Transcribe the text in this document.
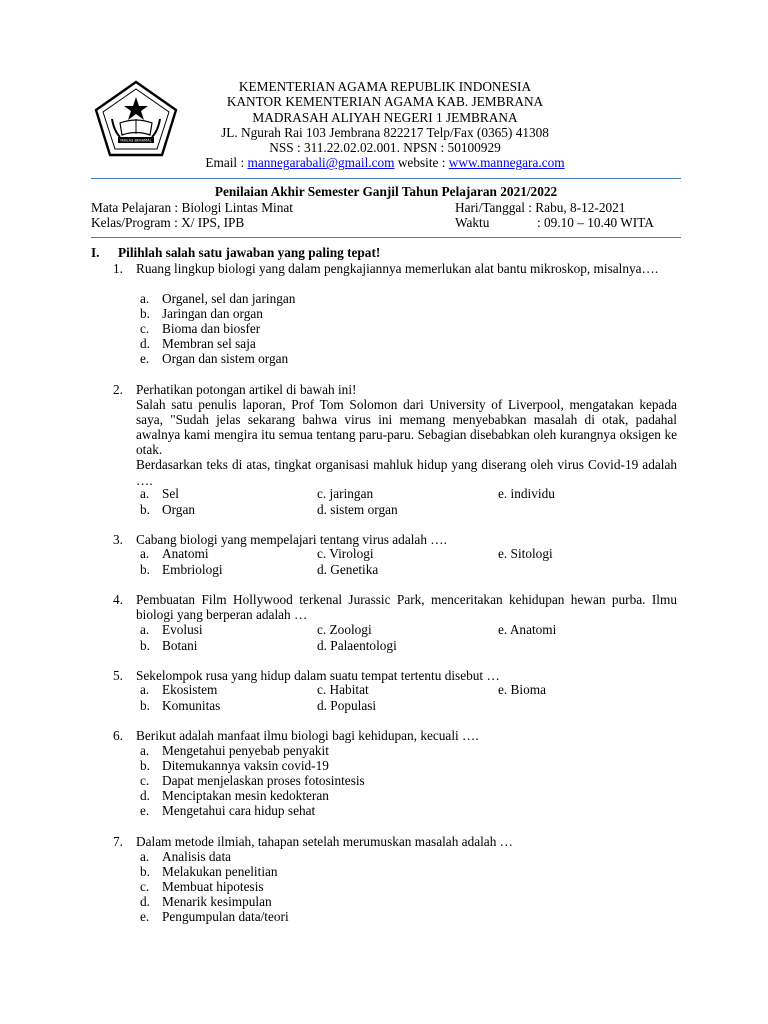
IKHLAS BERAMAL
KEMENTERIAN AGAMA REPUBLIK INDONESIA
KANTOR KEMENTERIAN AGAMA KAB. JEMBRANA
MADRASAH ALIYAH NEGERI 1 JEMBRANA
JL. Ngurah Rai 103 Jembrana 822217 Telp/Fax (0365) 41308
NSS : 311.22.02.02.001. NPSN : 50100929
Email : mannegarabali@gmail.com website : www.mannegara.com
Penilaian Akhir Semester Ganjil Tahun Pelajaran 2021/2022
Mata Pelajaran : Biologi Lintas Minat	Hari/Tanggal : Rabu, 8-12-2021
Kelas/Program : X/ IPS, IPB	Waktu	: 09.10 – 10.40 WITA
I. Pilihlah salah satu jawaban yang paling tepat!
1. Ruang lingkup biologi yang dalam pengkajiannya memerlukan alat bantu mikroskop, misalnya….

a. Organel, sel dan jaringan
b. Jaringan dan organ
c. Bioma dan biosfer
d. Membran sel saja
e. Organ dan sistem organ
2. Perhatikan potongan artikel di bawah ini!

Salah satu penulis laporan, Prof Tom Solomon dari University of Liverpool, mengatakan kepada saya, "Sudah jelas sekarang bahwa virus ini memang menyebabkan masalah di otak, padahal awalnya kami mengira itu semua tentang paru-paru. Sebagian disebabkan oleh kurangnya oksigen ke otak.

Berdasarkan teks di atas, tingkat organisasi mahluk hidup yang diserang oleh virus Covid-19 adalah ….

a. Sel	c. jaringan	e. individu
b. Organ	d. sistem organ
3. Cabang biologi yang mempelajari tentang virus adalah ….

a. Anatomi	c. Virologi	e. Sitologi
b. Embriologi	d. Genetika
4. Pembuatan Film Hollywood terkenal Jurassic Park, menceritakan kehidupan hewan purba. Ilmu biologi yang berperan adalah …

a. Evolusi	c. Zoologi	e. Anatomi
b. Botani	d. Palaentologi
5. Sekelompok rusa yang hidup dalam suatu tempat tertentu disebut …

a. Ekosistem	c. Habitat	e. Bioma
b. Komunitas	d. Populasi
6. Berikut adalah manfaat ilmu biologi bagi kehidupan, kecuali ….

a. Mengetahui penyebab penyakit
b. Ditemukannya vaksin covid-19
c. Dapat menjelaskan proses fotosintesis
d. Menciptakan mesin kedokteran
e. Mengetahui cara hidup sehat
7. Dalam metode ilmiah, tahapan setelah merumuskan masalah adalah …

a. Analisis data
b. Melakukan penelitian
c. Membuat hipotesis
d. Menarik kesimpulan
e. Pengumpulan data/teori
